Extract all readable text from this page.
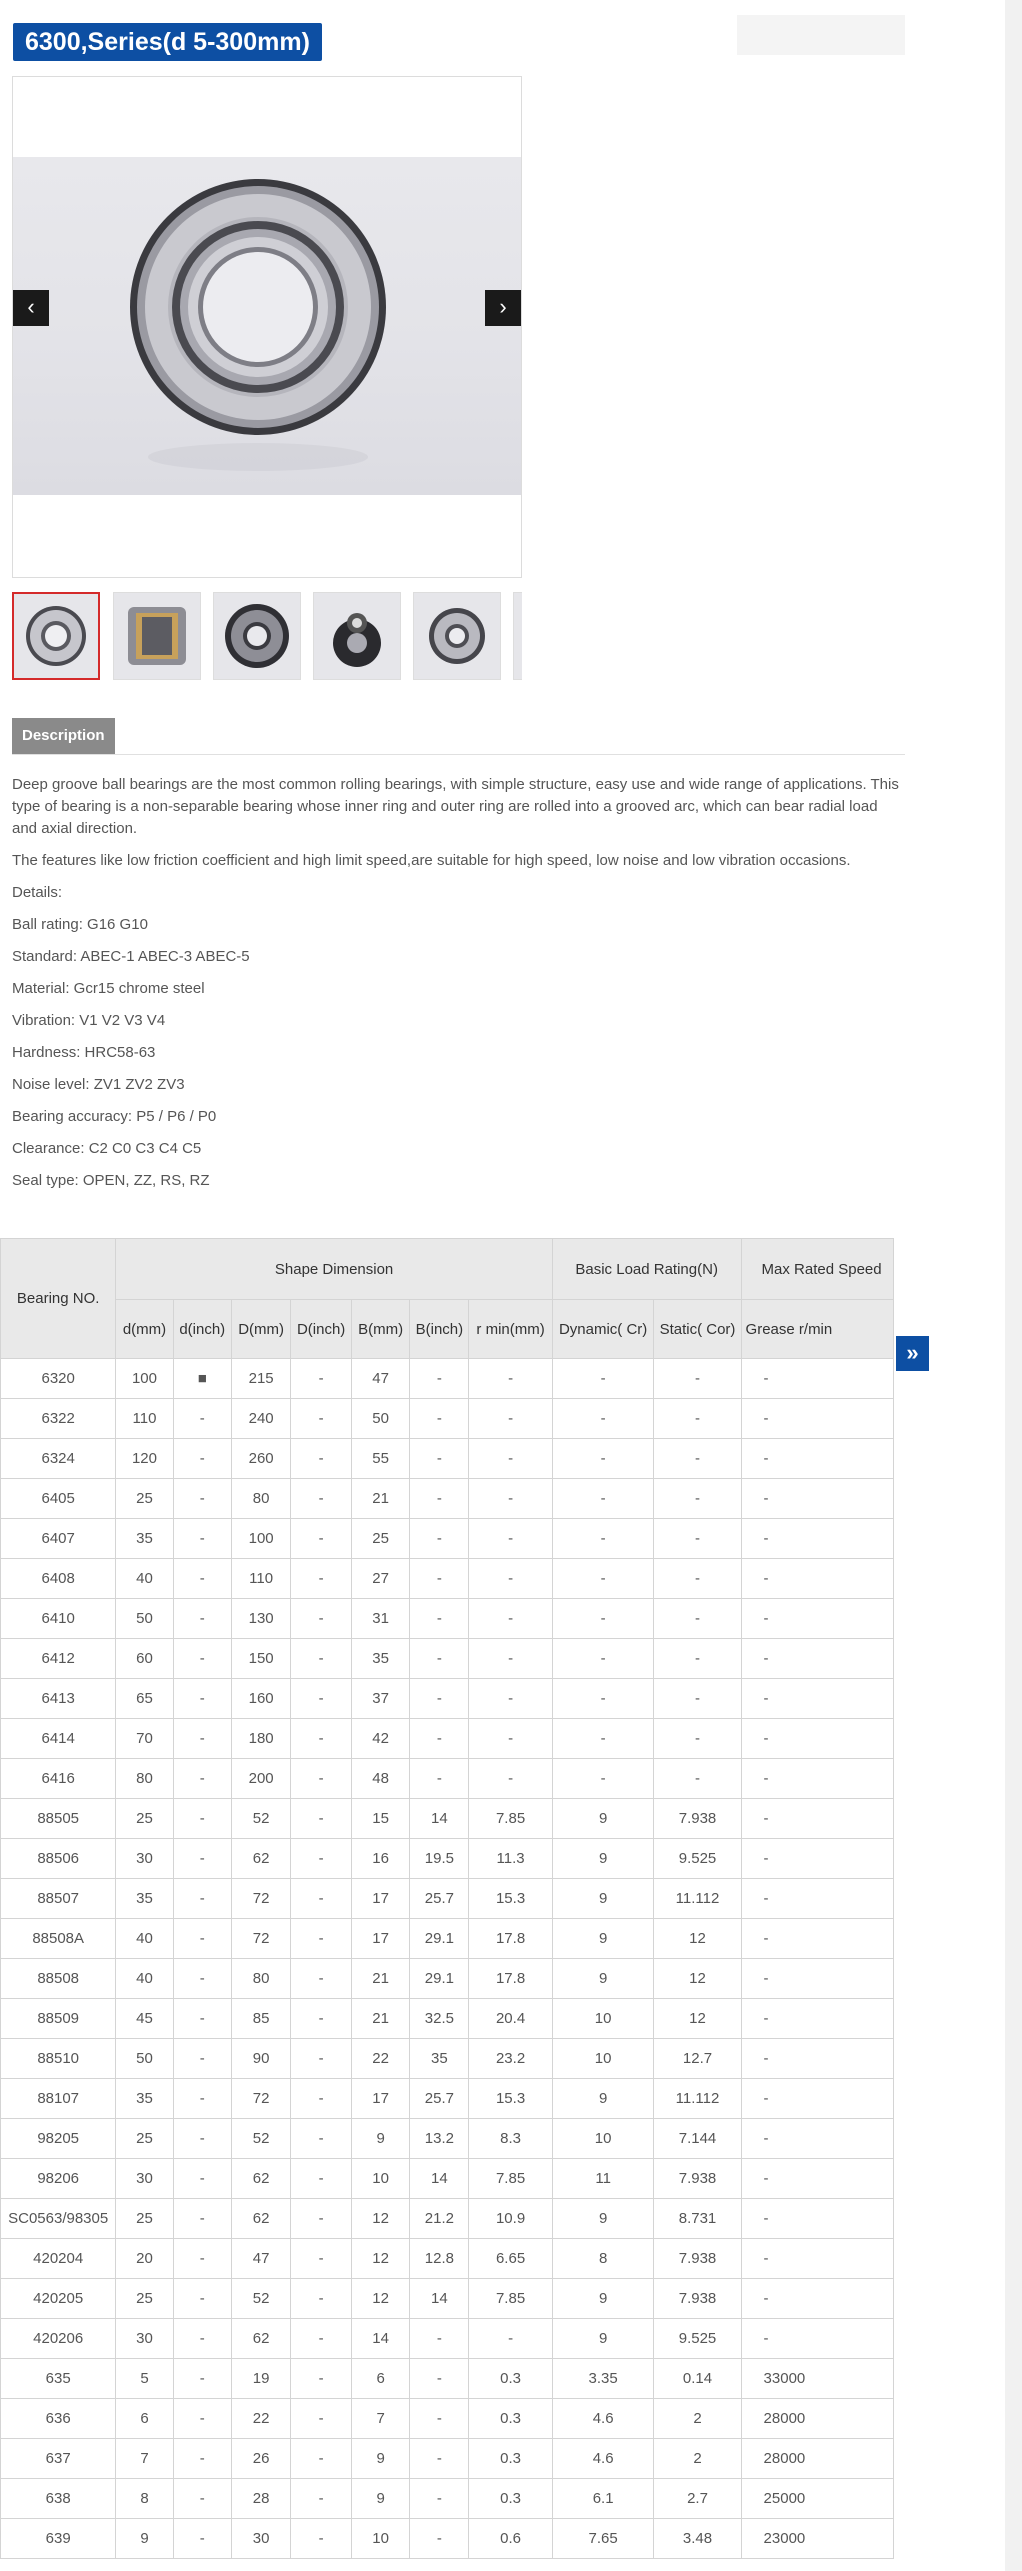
6300,Series(d 5-300mm)
‹	›
Description

Deep groove ball bearings are the most common rolling bearings, with simple structure, easy use and wide range of applications. This type of bearing is a non-separable bearing whose inner ring and outer ring are rolled into a grooved arc, which can bear radial load and axial direction.

The features like low friction coefficient and high limit speed,are suitable for high speed, low noise and low vibration occasions.

Details:

Ball rating: G16 G10

Standard: ABEC-1 ABEC-3 ABEC-5

Material: Gcr15 chrome steel

Vibration: V1 V2 V3 V4

Hardness: HRC58-63

Noise level: ZV1 ZV2 ZV3

Bearing accuracy: P5 / P6 / P0

Clearance: C2 C0 C3 C4 C5

Seal type: OPEN, ZZ, RS, RZ

Bearing NO.	Shape Dimension							Basic Load Rating(N)		Max Rated Speed
	d(mm)	d(inch)	D(mm)	D(inch)	B(mm)	B(inch)	r min(mm)	Dynamic( Cr)	Static( Cor)	Grease r/min
6320	100	■	215	-	47	-	-	-	-	-
6322	110	-	240	-	50	-	-	-	-	-
6324	120	-	260	-	55	-	-	-	-	-
6405	25	-	80	-	21	-	-	-	-	-
6407	35	-	100	-	25	-	-	-	-	-
6408	40	-	110	-	27	-	-	-	-	-
6410	50	-	130	-	31	-	-	-	-	-
6412	60	-	150	-	35	-	-	-	-	-
6413	65	-	160	-	37	-	-	-	-	-
6414	70	-	180	-	42	-	-	-	-	-
6416	80	-	200	-	48	-	-	-	-	-
88505	25	-	52	-	15	14	7.85	9	7.938	-
88506	30	-	62	-	16	19.5	11.3	9	9.525	-
88507	35	-	72	-	17	25.7	15.3	9	11.112	-
88508A	40	-	72	-	17	29.1	17.8	9	12	-
88508	40	-	80	-	21	29.1	17.8	9	12	-
88509	45	-	85	-	21	32.5	20.4	10	12	-
88510	50	-	90	-	22	35	23.2	10	12.7	-
88107	35	-	72	-	17	25.7	15.3	9	11.112	-
98205	25	-	52	-	9	13.2	8.3	10	7.144	-
98206	30	-	62	-	10	14	7.85	11	7.938	-
SC0563/98305	25	-	62	-	12	21.2	10.9	9	8.731	-
420204	20	-	47	-	12	12.8	6.65	8	7.938	-
420205	25	-	52	-	12	14	7.85	9	7.938	-
420206	30	-	62	-	14	-	-	9	9.525	-
635	5	-	19	-	6	-	0.3	3.35	0.14	33000
636	6	-	22	-	7	-	0.3	4.6	2	28000
637	7	-	26	-	9	-	0.3	4.6	2	28000
638	8	-	28	-	9	-	0.3	6.1	2.7	25000
639	9	-	30	-	10	-	0.6	7.65	3.48	23000
»
